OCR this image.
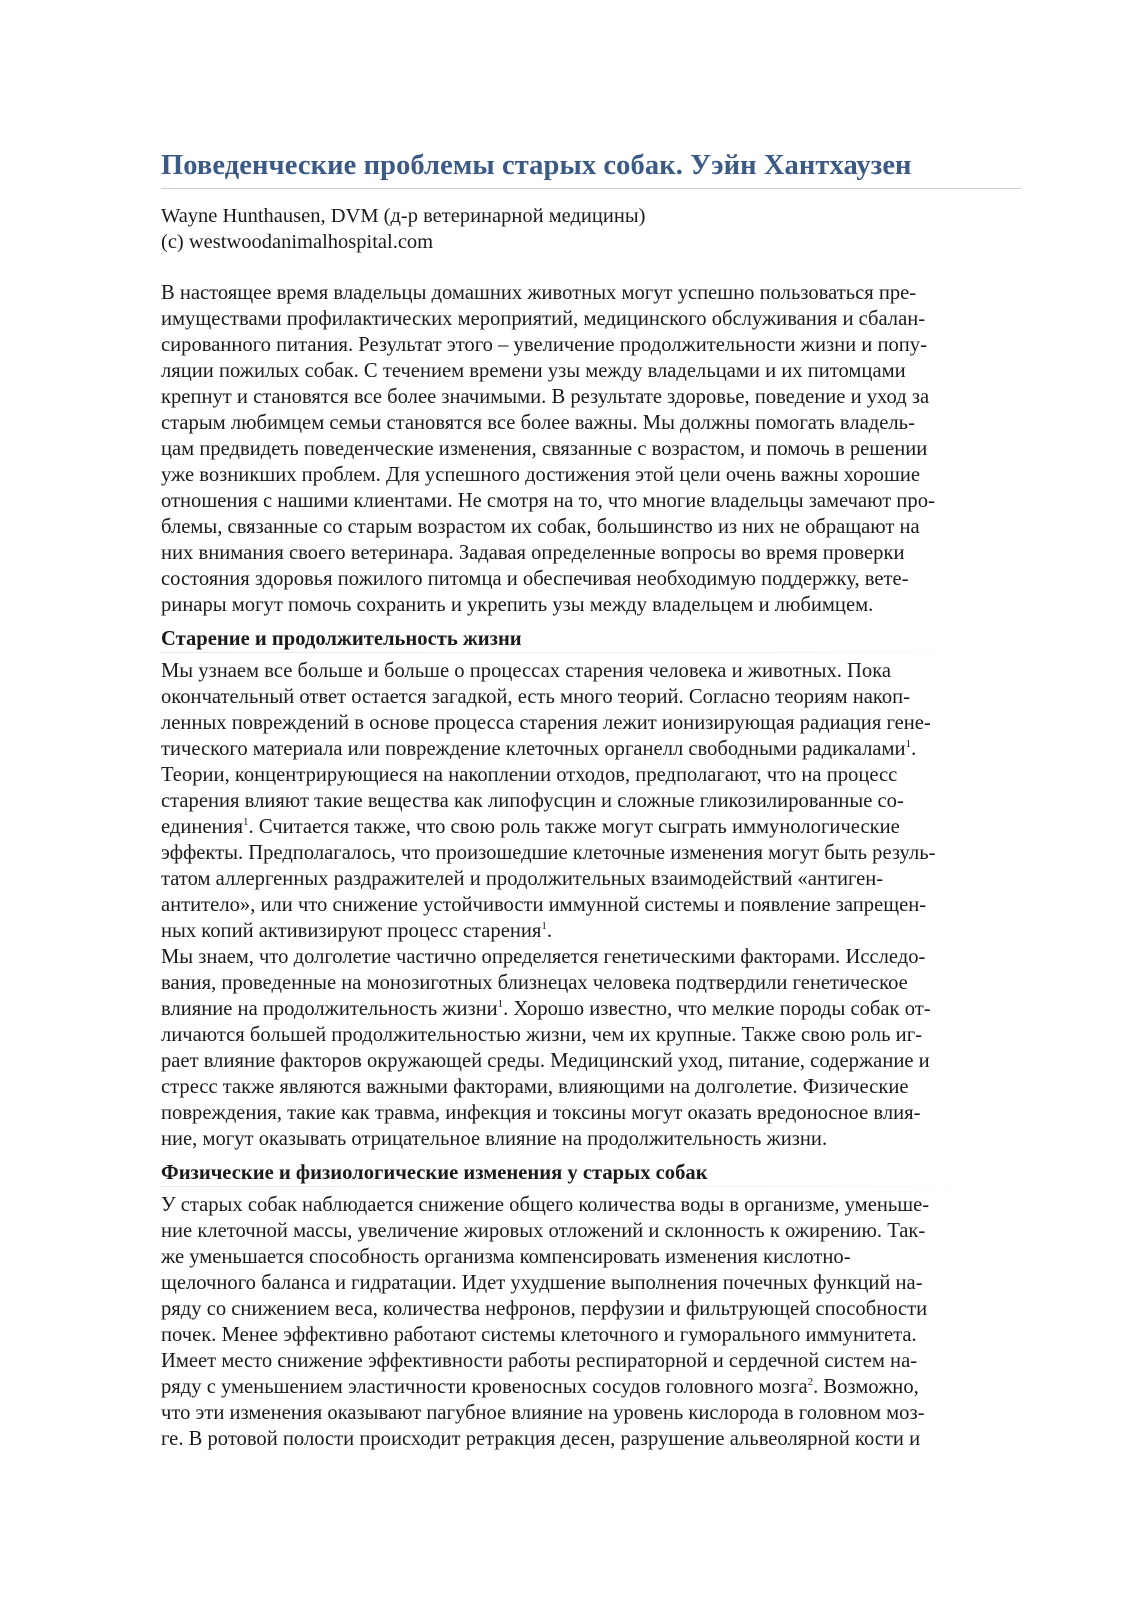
Поведенческие проблемы старых собак. Уэйн Хантхаузен
Wayne Hunthausen, DVM (д-р ветеринарной медицины)
(c) westwoodanimalhospital.com
В настоящее время владельцы домашних животных могут успешно пользоваться пре-
имуществами профилактических мероприятий, медицинского обслуживания и сбалан-
сированного питания. Результат этого – увеличение продолжительности жизни и попу-
ляции пожилых собак. С течением времени узы между владельцами и их питомцами
крепнут и становятся все более значимыми. В результате здоровье, поведение и уход за
старым любимцем семьи становятся все более важны. Мы должны помогать владель-
цам предвидеть поведенческие изменения, связанные с возрастом, и помочь в решении
уже возникших проблем. Для успешного достижения этой цели очень важны хорошие
отношения с нашими клиентами. Не смотря на то, что многие владельцы замечают про-
блемы, связанные со старым возрастом их собак, большинство из них не обращают на
них внимания своего ветеринара. Задавая определенные вопросы во время проверки
состояния здоровья пожилого питомца и обеспечивая необходимую поддержку, вете-
ринары могут помочь сохранить и укрепить узы между владельцем и любимцем.
Старение и продолжительность жизни
Мы узнаем все больше и больше о процессах старения человека и животных. Пока
окончательный ответ остается загадкой, есть много теорий. Согласно теориям накоп-
ленных повреждений в основе процесса старения лежит ионизирующая радиация гене-
тического материала или повреждение клеточных органелл свободными радикалами$^1$.
Теории, концентрирующиеся на накоплении отходов, предполагают, что на процесс
старения влияют такие вещества как липофусцин и сложные гликозилированные со-
единения$^1$. Считается также, что свою роль также могут сыграть иммунологические
эффекты. Предполагалось, что произошедшие клеточные изменения могут быть резуль-
татом аллергенных раздражителей и продолжительных взаимодействий «антиген-
антитело», или что снижение устойчивости иммунной системы и появление запрещен-
ных копий активизируют процесс старения$^1$.
Мы знаем, что долголетие частично определяется генетическими факторами. Исследо-
вания, проведенные на монозиготных близнецах человека подтвердили генетическое
влияние на продолжительность жизни$^1$. Хорошо известно, что мелкие породы собак от-
личаются большей продолжительностью жизни, чем их крупные. Также свою роль иг-
рает влияние факторов окружающей среды. Медицинский уход, питание, содержание и
стресс также являются важными факторами, влияющими на долголетие. Физические
повреждения, такие как травма, инфекция и токсины могут оказать вредоносное влия-
ние, могут оказывать отрицательное влияние на продолжительность жизни.
Физические и физиологические изменения у старых собак
У старых собак наблюдается снижение общего количества воды в организме, уменьше-
ние клеточной массы, увеличение жировых отложений и склонность к ожирению. Так-
же уменьшается способность организма компенсировать изменения кислотно-
щелочного баланса и гидратации. Идет ухудшение выполнения почечных функций на-
ряду со снижением веса, количества нефронов, перфузии и фильтрующей способности
почек. Менее эффективно работают системы клеточного и гуморального иммунитета.
Имеет место снижение эффективности работы респираторной и сердечной систем на-
ряду с уменьшением эластичности кровеносных сосудов головного мозга$^2$. Возможно,
что эти изменения оказывают пагубное влияние на уровень кислорода в головном моз-
ге. В ротовой полости происходит ретракция десен, разрушение альвеолярной кости и
